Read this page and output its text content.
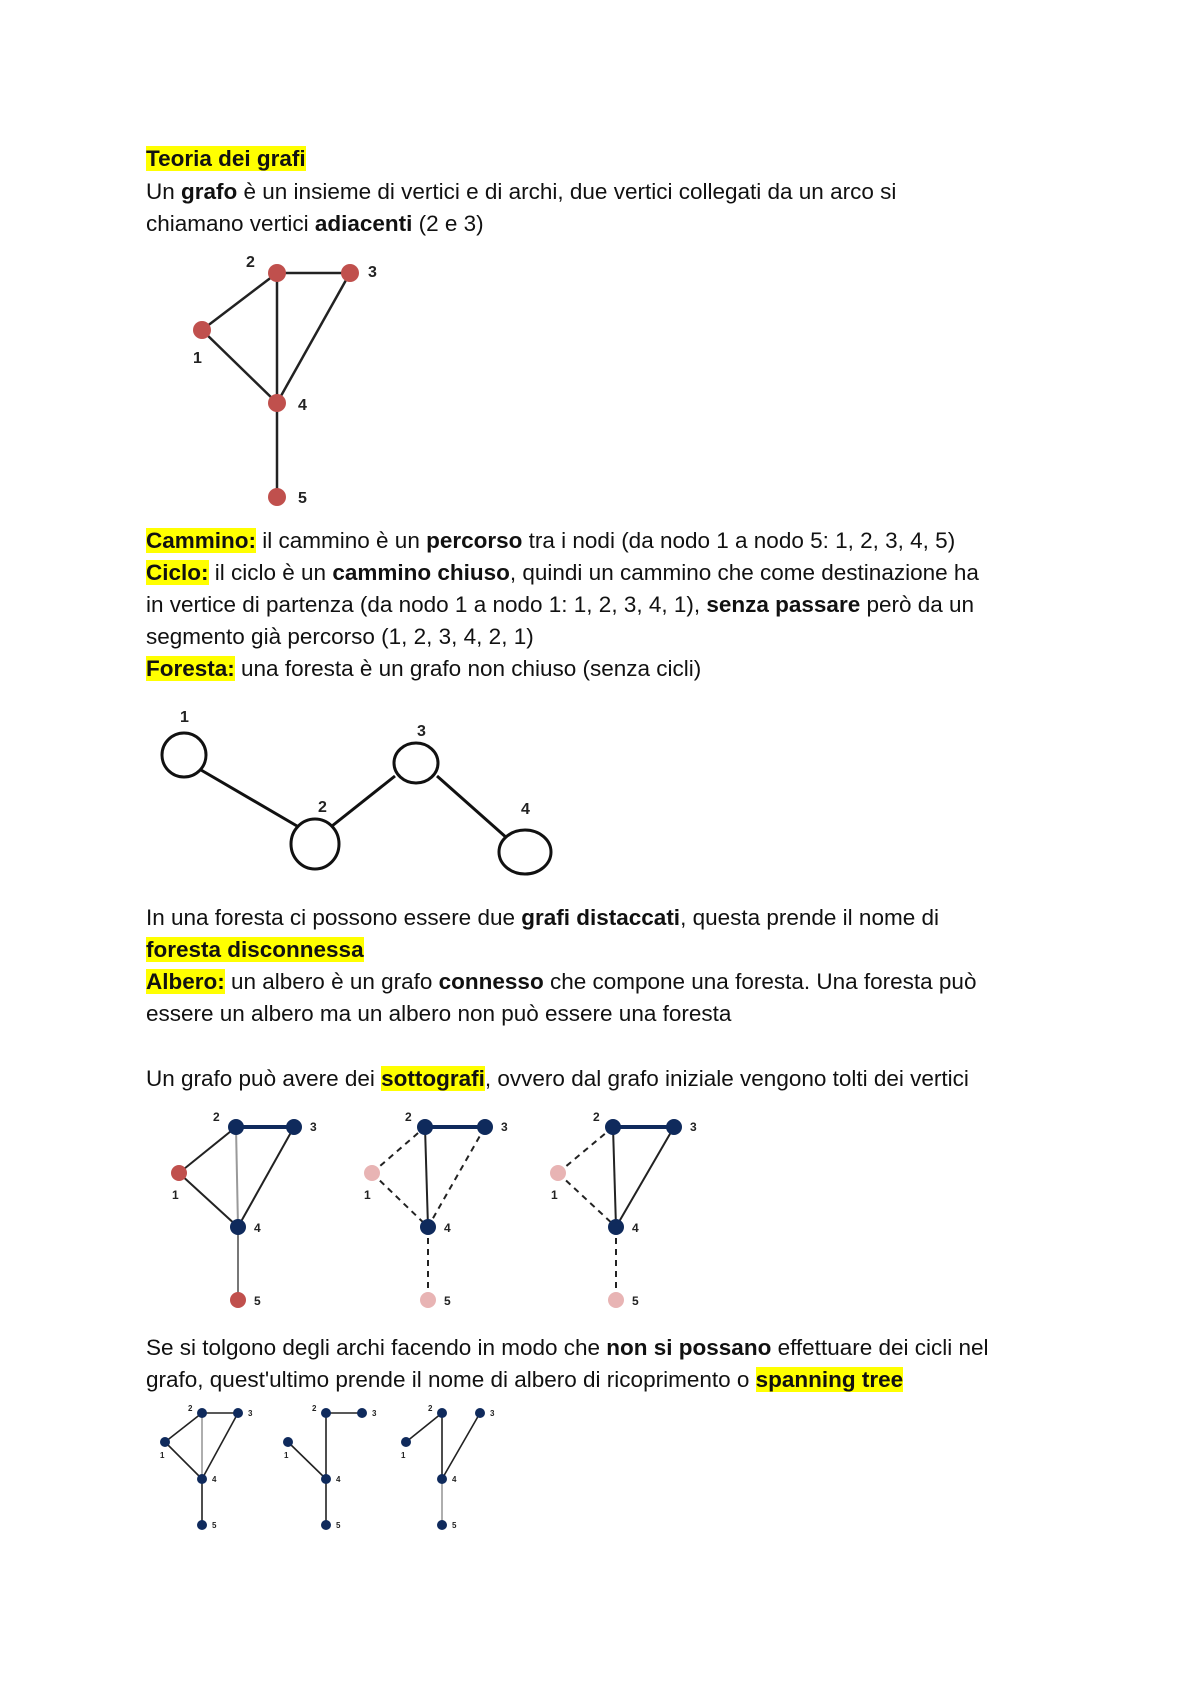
Teoria dei grafi
Un grafo è un insieme di vertici e di archi, due vertici collegati da un arco si
chiamano vertici adiacenti (2 e 3)
1
2
3
4
5
Cammino: il cammino è un percorso tra i nodi (da nodo 1 a nodo 5: 1, 2, 3, 4, 5)
Ciclo: il ciclo è un cammino chiuso, quindi un cammino che come destinazione ha
in vertice di partenza (da nodo 1 a nodo 1: 1, 2, 3, 4, 1), senza passare però da un
segmento già percorso (1, 2, 3, 4, 2, 1)
Foresta: una foresta è un grafo non chiuso (senza cicli)
1
2
3
4
In una foresta ci possono essere due grafi distaccati, questa prende il nome di
foresta disconnessa
Albero: un albero è un grafo connesso che compone una foresta. Una foresta può
essere un albero ma un albero non può essere una foresta
Un grafo può avere dei sottografi, ovvero dal grafo iniziale vengono tolti dei vertici
1
2
3
4
5
1
2
3
4
5
1
2
3
4
5
Se si tolgono degli archi facendo in modo che non si possano effettuare dei cicli nel
grafo, quest'ultimo prende il nome di albero di ricoprimento o spanning tree
1
2
3
4
5
1
2
3
4
5
1
2
3
4
5
